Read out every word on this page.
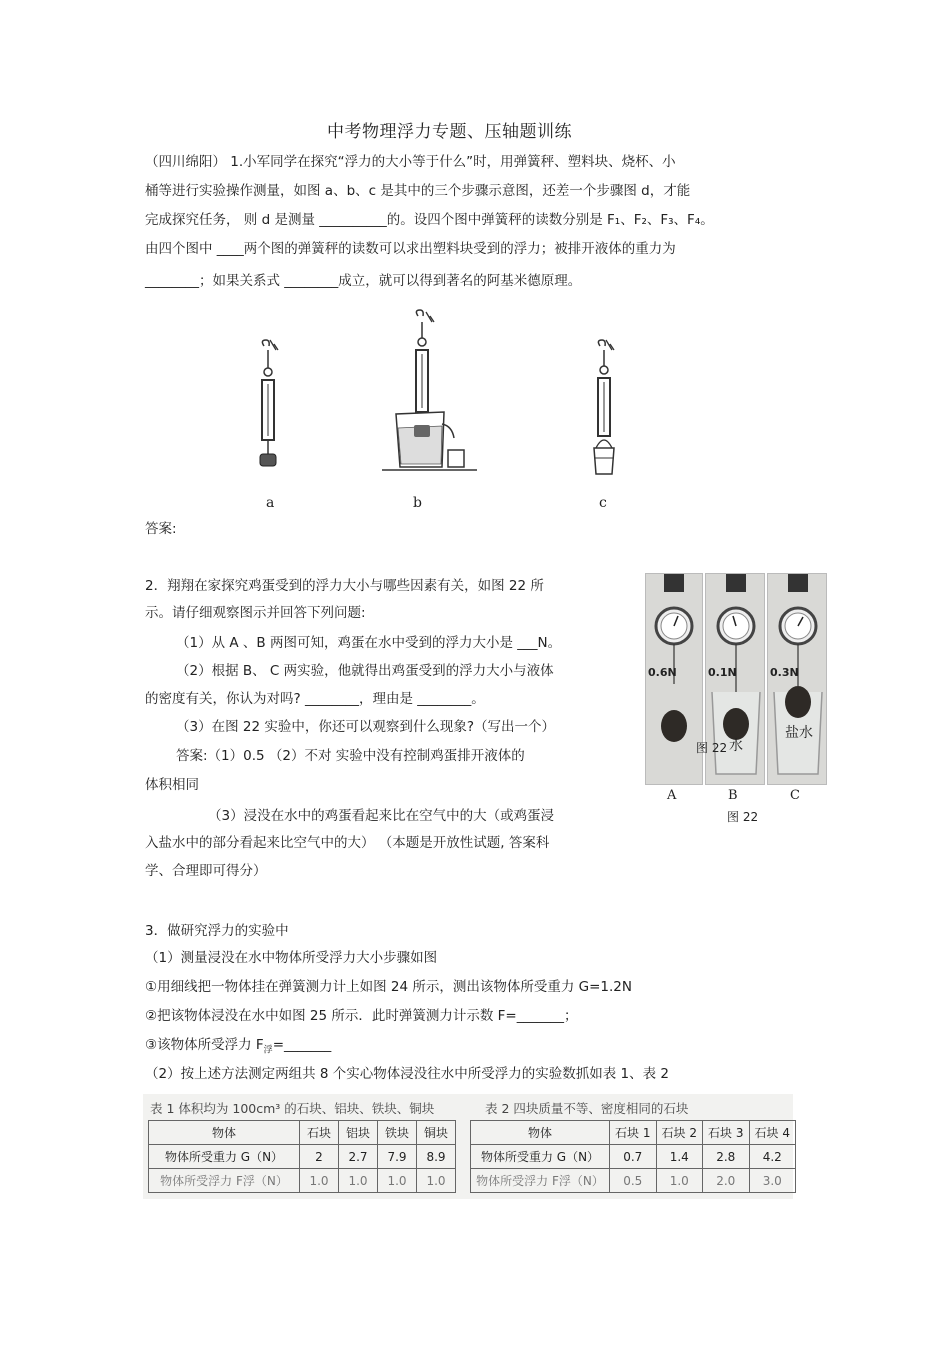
中考物理浮力专题、压轴题训练
（四川绵阳） 1.小军同学在探究“浮力的大小等于什么”时，用弹簧秤、塑料块、烧杯、小
桶等进行实验操作测量，如图 a、b、c 是其中的三个步骤示意图，还差一个步骤图 d，才能
完成探究任务， 则 d 是测量 __________的。设四个图中弹簧秤的读数分别是 F₁、F₂、F₃、F₄。
由四个图中 ____两个图的弹簧秤的读数可以求出塑料块受到的浮力；被排开液体的重力为
________；如果关系式 ________成立，就可以得到著名的阿基米德原理。
a	b	c
答案:
2．翔翔在家探究鸡蛋受到的浮力大小与哪些因素有关，如图 22 所
示。请仔细观察图示并回答下列问题:
（1）从 A 、B 两图可知，鸡蛋在水中受到的浮力大小是 ___N。
（2）根据 B、 C 两实验，他就得出鸡蛋受到的浮力大小与液体
的密度有关，你认为对吗? ________，理由是 ________。
（3）在图 22 实验中，你还可以观察到什么现象?（写出一个）
答案:（1）0.5 （2）不对 实验中没有控制鸡蛋排开液体的
体积相同
（3）浸没在水中的鸡蛋看起来比在空气中的大（或鸡蛋浸
入盐水中的部分看起来比空气中的大） （本题是开放性试题, 答案科
学、合理即可得分）
0.6N
A
0.1N
B
0.3N
C
图 22 水
盐水
图 22
3．做研究浮力的实验中
（1）测量浸没在水中物体所受浮力大小步骤如图
①用细线把一物体挂在弹簧测力计上如图 24 所示，测出该物体所受重力 G=1.2N
②把该物体浸没在水中如图 25 所示．此时弹簧测力计示数 F=_______；
③该物体所受浮力 $F_浮=\_\_\_\_\_\_\_$
（2）按上述方法测定两组共 8 个实心物体浸没往水中所受浮力的实验数抓如表 1、表 2
表 1 体积均为 100cm³ 的石块、铝块、铁块、铜块
物体	石块	铝块	铁块	铜块
物体所受重力 G（N）	2	2.7	7.9	8.9
物体所受浮力 F浮（N）	1.0	1.0	1.0	1.0
表 2 四块质量不等、密度相同的石块
物体	石块 1	石块 2	石块 3	石块 4
物体所受重力 G（N）	0.7	1.4	2.8	4.2
物体所受浮力 F浮（N）	0.5	1.0	2.0	3.0
